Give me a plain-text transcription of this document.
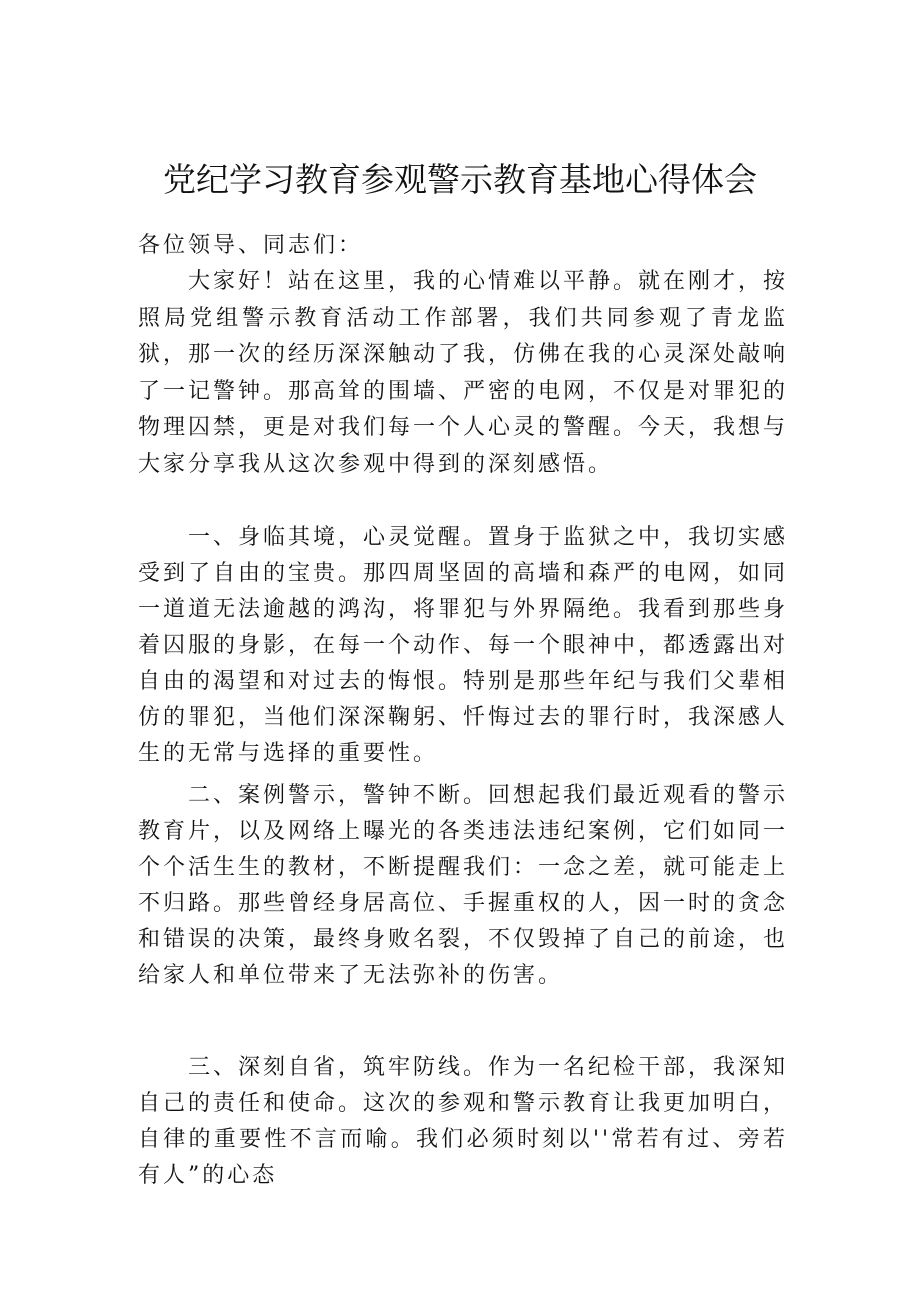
党纪学习教育参观警示教育基地心得体会

各位领导、同志们：

大家好！站在这里，我的心情难以平静。就在刚才，按照局党组警示教育活动工作部署，我们共同参观了青龙监狱，那一次的经历深深触动了我，仿佛在我的心灵深处敲响了一记警钟。那高耸的围墙、严密的电网，不仅是对罪犯的物理囚禁，更是对我们每一个人心灵的警醒。今天，我想与大家分享我从这次参观中得到的深刻感悟。

一、身临其境，心灵觉醒。置身于监狱之中，我切实感受到了自由的宝贵。那四周坚固的高墙和森严的电网，如同一道道无法逾越的鸿沟，将罪犯与外界隔绝。我看到那些身着囚服的身影，在每一个动作、每一个眼神中，都透露出对自由的渴望和对过去的悔恨。特别是那些年纪与我们父辈相仿的罪犯，当他们深深鞠躬、忏悔过去的罪行时，我深感人生的无常与选择的重要性。

二、案例警示，警钟不断。回想起我们最近观看的警示教育片，以及网络上曝光的各类违法违纪案例，它们如同一个个活生生的教材，不断提醒我们：一念之差，就可能走上不归路。那些曾经身居高位、手握重权的人，因一时的贪念和错误的决策，最终身败名裂，不仅毁掉了自己的前途，也给家人和单位带来了无法弥补的伤害。

三、深刻自省，筑牢防线。作为一名纪检干部，我深知自己的责任和使命。这次的参观和警示教育让我更加明白，自律的重要性不言而喻。我们必须时刻以''常若有过、旁若有人”的心态
